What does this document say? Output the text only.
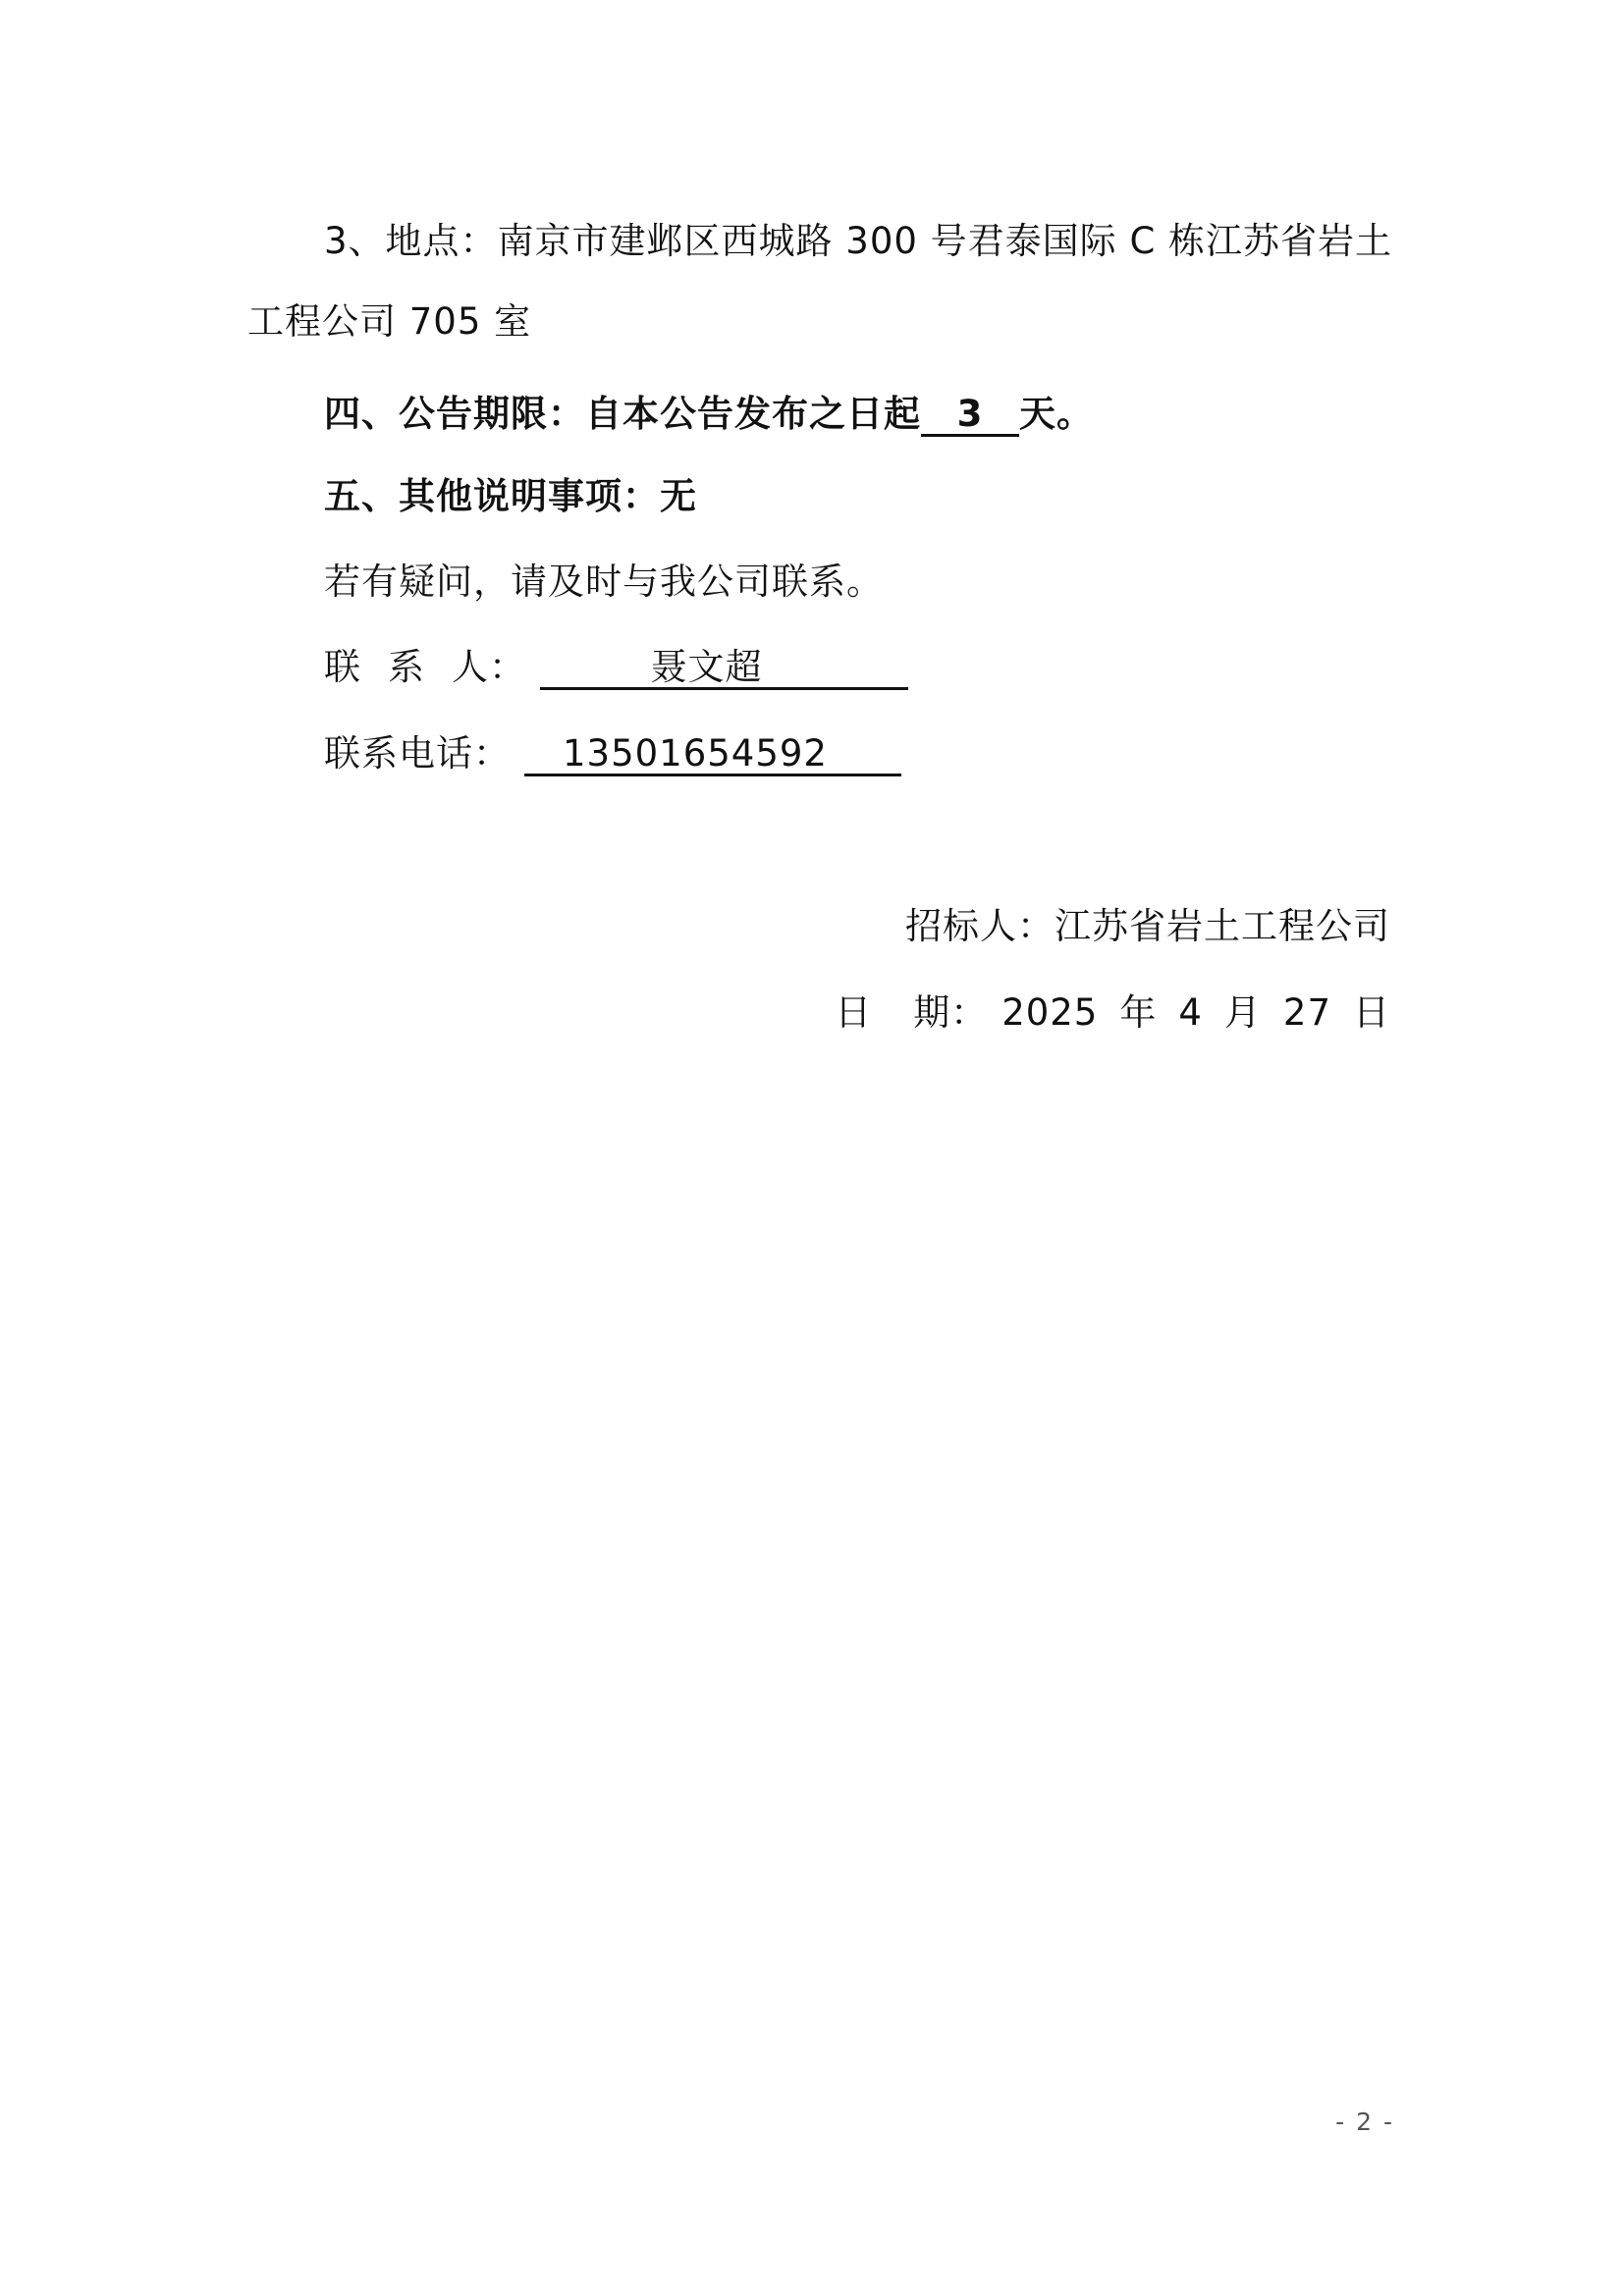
3、地点：南京市建邺区西城路 300 号君泰国际 C 栋江苏省岩土
工程公司 705 室
四、公告期限：自本公告发布之日起 3 天。
五、其他说明事项：无
若有疑问，请及时与我公司联系。
联 系 人：	聂文超
联系电话： 13501654592
招标人：江苏省岩土工程公司
日 期： 2025 年 4 月 27 日
- 2 -
